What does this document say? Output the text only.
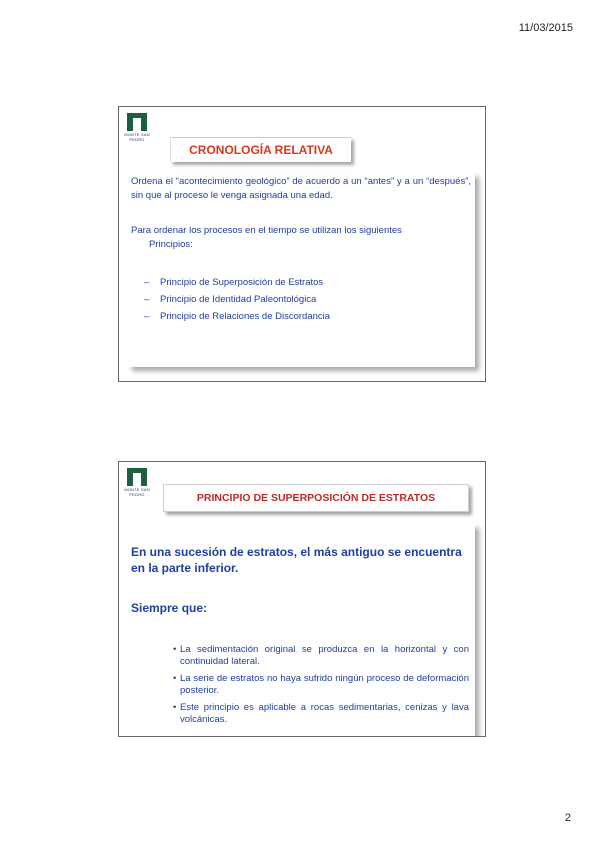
11/03/2015
MONTE SAN PEDRO
CRONOLOGÍA RELATIVA
Ordena el “acontecimiento geológico” de acuerdo a un “antes” y a un “después”, sin que al proceso le venga asignada una edad.
Para ordenar los procesos en el tiempo se utilizan los siguientes
Principios:
– Principio de Superposición de Estratos
– Principio de Identidad Paleontológica
– Principio de Relaciones de Discordancia
MONTE SAN PEDRO	PRINCIPIO DE SUPERPOSICIÓN DE ESTRATOS
En una sucesión de estratos, el más antiguo se encuentra en la parte inferior.
Siempre que:
• La sedimentación original se produzca en la horizontal y con continuidad lateral.
• La serie de estratos no haya sufrido ningún proceso de deformación posterior.
• Este principio es aplicable a rocas sedimentarias, cenizas y lava volcánicas.
2
